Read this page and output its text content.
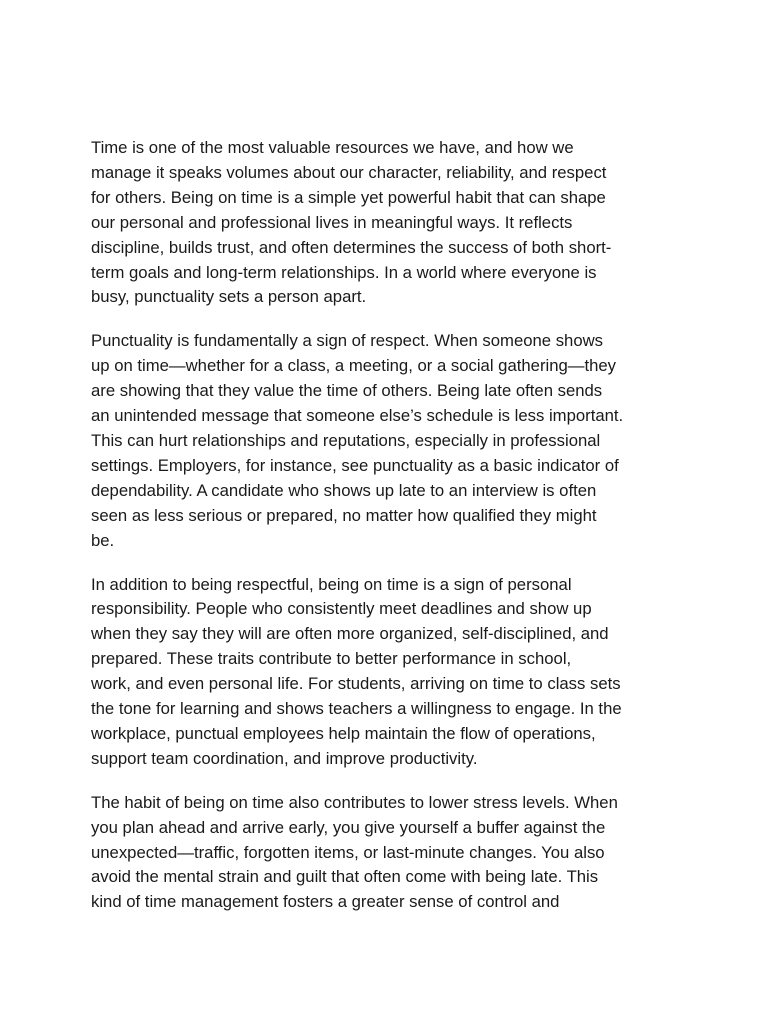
Time is one of the most valuable resources we have, and how we
manage it speaks volumes about our character, reliability, and respect
for others. Being on time is a simple yet powerful habit that can shape
our personal and professional lives in meaningful ways. It reflects
discipline, builds trust, and often determines the success of both short-
term goals and long-term relationships. In a world where everyone is
busy, punctuality sets a person apart.

Punctuality is fundamentally a sign of respect. When someone shows
up on time—whether for a class, a meeting, or a social gathering—they
are showing that they value the time of others. Being late often sends
an unintended message that someone else’s schedule is less important.
This can hurt relationships and reputations, especially in professional
settings. Employers, for instance, see punctuality as a basic indicator of
dependability. A candidate who shows up late to an interview is often
seen as less serious or prepared, no matter how qualified they might
be.

In addition to being respectful, being on time is a sign of personal
responsibility. People who consistently meet deadlines and show up
when they say they will are often more organized, self-disciplined, and
prepared. These traits contribute to better performance in school,
work, and even personal life. For students, arriving on time to class sets
the tone for learning and shows teachers a willingness to engage. In the
workplace, punctual employees help maintain the flow of operations,
support team coordination, and improve productivity.

The habit of being on time also contributes to lower stress levels. When
you plan ahead and arrive early, you give yourself a buffer against the
unexpected—traffic, forgotten items, or last-minute changes. You also
avoid the mental strain and guilt that often come with being late. This
kind of time management fosters a greater sense of control and
